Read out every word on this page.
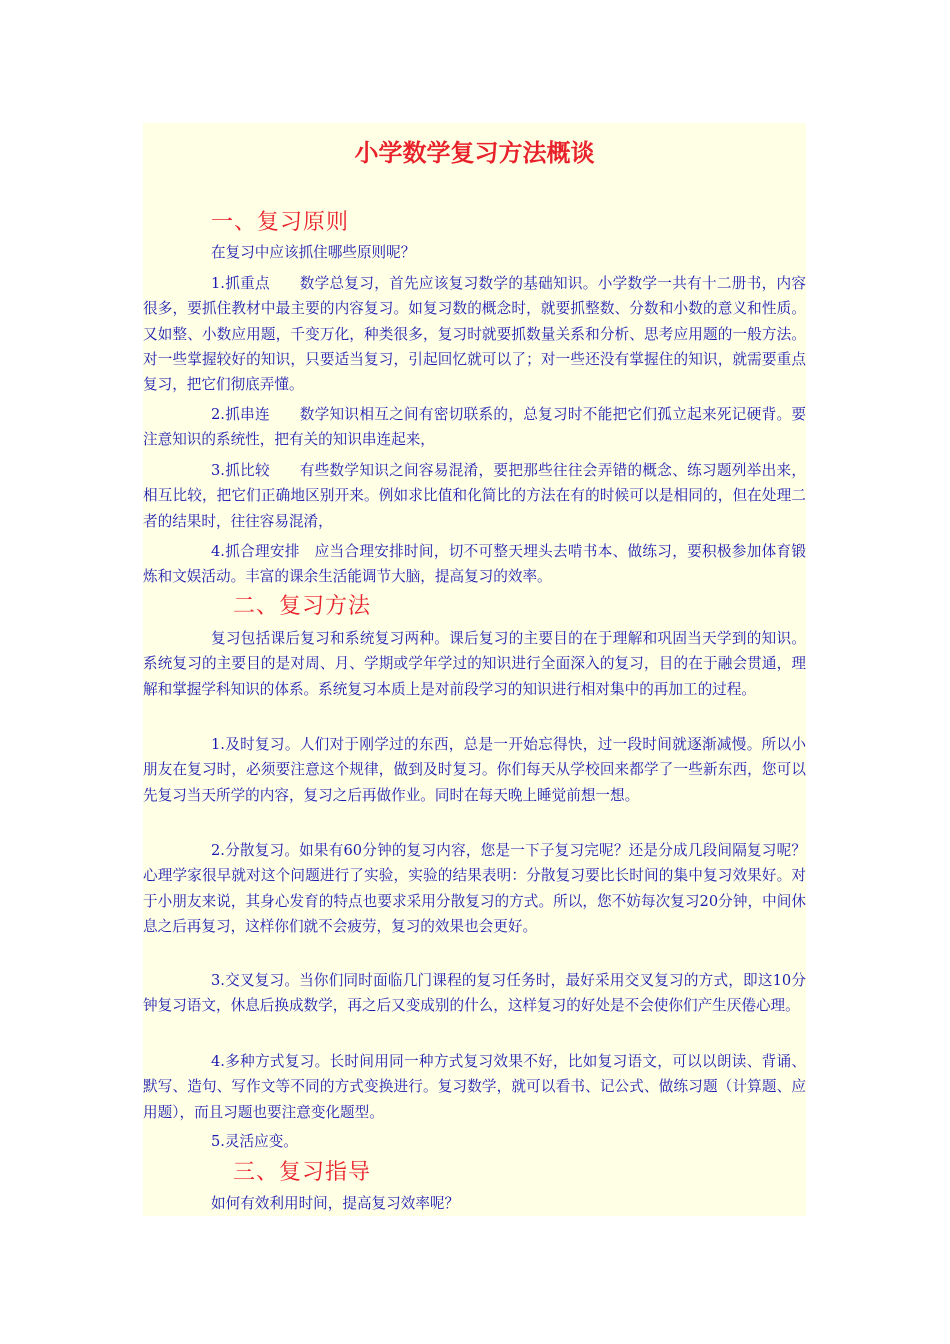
小学数学复习方法概谈
一、复习原则

在复习中应该抓住哪些原则呢？

1.抓重点　　数学总复习，首先应该复习数学的基础知识。小学数学一共有十二册书，内容很多，要抓住教材中最主要的内容复习。如复习数的概念时，就要抓整数、分数和小数的意义和性质。又如整、小数应用题，千变万化，种类很多，复习时就要抓数量关系和分析、思考应用题的一般方法。对一些掌握较好的知识，只要适当复习，引起回忆就可以了；对一些还没有掌握住的知识，就需要重点复习，把它们彻底弄懂。

2.抓串连　　数学知识相互之间有密切联系的，总复习时不能把它们孤立起来死记硬背。要注意知识的系统性，把有关的知识串连起来，

3.抓比较　　有些数学知识之间容易混淆，要把那些往往会弄错的概念、练习题列举出来，相互比较，把它们正确地区别开来。例如求比值和化简比的方法在有的时候可以是相同的，但在处理二者的结果时，往往容易混淆，

4.抓合理安排　应当合理安排时间，切不可整天埋头去啃书本、做练习，要积极参加体育锻炼和文娱活动。丰富的课余生活能调节大脑，提高复习的效率。

二、复习方法

复习包括课后复习和系统复习两种。课后复习的主要目的在于理解和巩固当天学到的知识。系统复习的主要目的是对周、月、学期或学年学过的知识进行全面深入的复习，目的在于融会贯通，理解和掌握学科知识的体系。系统复习本质上是对前段学习的知识进行相对集中的再加工的过程。

1.及时复习。人们对于刚学过的东西，总是一开始忘得快，过一段时间就逐渐减慢。所以小朋友在复习时，必须要注意这个规律，做到及时复习。你们每天从学校回来都学了一些新东西，您可以先复习当天所学的内容，复习之后再做作业。同时在每天晚上睡觉前想一想。

2.分散复习。如果有60分钟的复习内容，您是一下子复习完呢？还是分成几段间隔复习呢？心理学家很早就对这个问题进行了实验，实验的结果表明：分散复习要比长时间的集中复习效果好。对于小朋友来说，其身心发育的特点也要求采用分散复习的方式。所以，您不妨每次复习20分钟，中间休息之后再复习，这样你们就不会疲劳，复习的效果也会更好。

3.交叉复习。当你们同时面临几门课程的复习任务时，最好采用交叉复习的方式，即这10分钟复习语文，休息后换成数学，再之后又变成别的什么，这样复习的好处是不会使你们产生厌倦心理。

4.多种方式复习。长时间用同一种方式复习效果不好，比如复习语文，可以以朗读、背诵、默写、造句、写作文等不同的方式变换进行。复习数学，就可以看书、记公式、做练习题（计算题、应用题），而且习题也要注意变化题型。

5.灵活应变。

三、复习指导

如何有效利用时间，提高复习效率呢？
